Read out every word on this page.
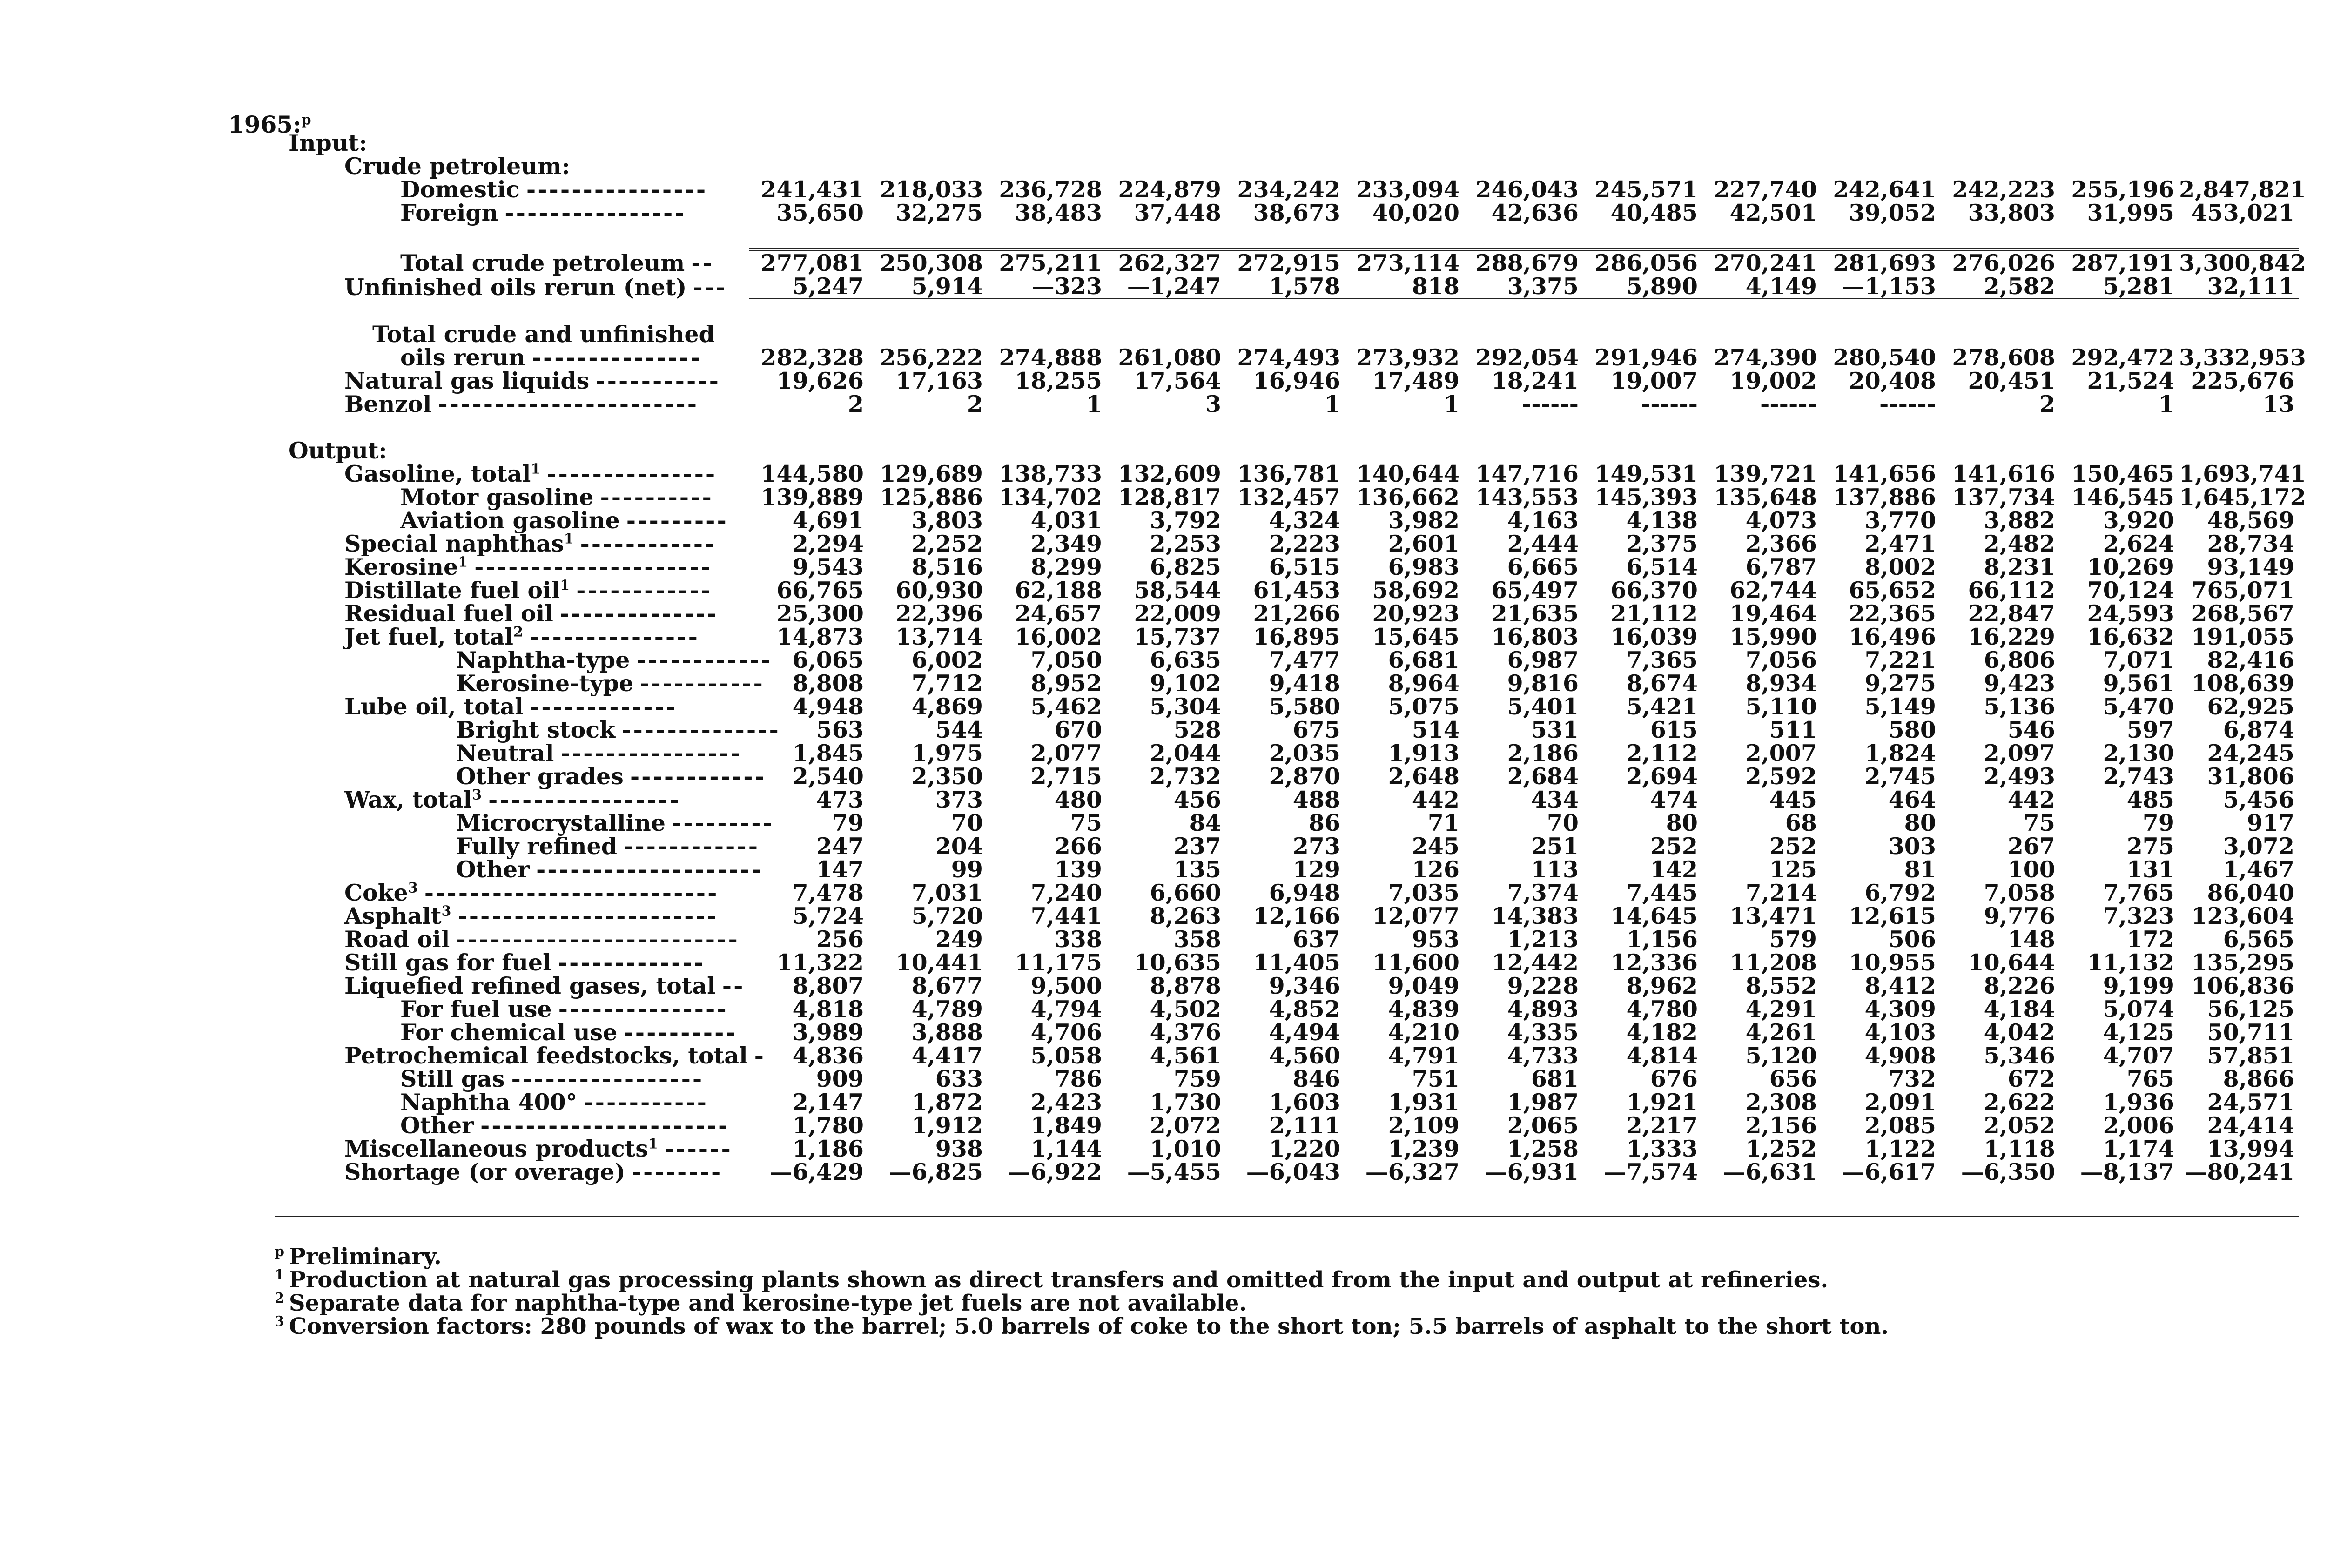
1965:$^p$
Input:													
Crude petroleum:													
Domestic ----------------	241,431	218,033	236,728	224,879	234,242	233,094	246,043	245,571	227,740	242,641	242,223	255,196	2,847,821
Foreign ----------------	35,650	32,275	38,483	37,448	38,673	40,020	42,636	40,485	42,501	39,052	33,803	31,995	453,021

Total crude petroleum --	277,081	250,308	275,211	262,327	272,915	273,114	288,679	286,056	270,241	281,693	276,026	287,191	3,300,842
Unfinished oils rerun (net) ---	5,247	5,914	—323	—1,247	1,578	818	3,375	5,890	4,149	—1,153	2,582	5,281	32,111

Total crude and unfinished													
oils rerun ---------------	282,328	256,222	274,888	261,080	274,493	273,932	292,054	291,946	274,390	280,540	278,608	292,472	3,332,953
Natural gas liquids -----------	19,626	17,163	18,255	17,564	16,946	17,489	18,241	19,007	19,002	20,408	20,451	21,524	225,676
Benzol -----------------------	2	2	1	3	1	1	------	------	------	------	2	1	13

Output:													
Gasoline, total$^1$ ---------------	144,580	129,689	138,733	132,609	136,781	140,644	147,716	149,531	139,721	141,656	141,616	150,465	1,693,741
Motor gasoline ----------	139,889	125,886	134,702	128,817	132,457	136,662	143,553	145,393	135,648	137,886	137,734	146,545	1,645,172
Aviation gasoline ---------	4,691	3,803	4,031	3,792	4,324	3,982	4,163	4,138	4,073	3,770	3,882	3,920	48,569
Special naphthas$^1$ ------------	2,294	2,252	2,349	2,253	2,223	2,601	2,444	2,375	2,366	2,471	2,482	2,624	28,734
Kerosine$^1$ ---------------------	9,543	8,516	8,299	6,825	6,515	6,983	6,665	6,514	6,787	8,002	8,231	10,269	93,149
Distillate fuel oil$^1$ ------------	66,765	60,930	62,188	58,544	61,453	58,692	65,497	66,370	62,744	65,652	66,112	70,124	765,071
Residual fuel oil --------------	25,300	22,396	24,657	22,009	21,266	20,923	21,635	21,112	19,464	22,365	22,847	24,593	268,567
Jet fuel, total$^2$ ---------------	14,873	13,714	16,002	15,737	16,895	15,645	16,803	16,039	15,990	16,496	16,229	16,632	191,055
Naphtha-type ------------	6,065	6,002	7,050	6,635	7,477	6,681	6,987	7,365	7,056	7,221	6,806	7,071	82,416
Kerosine-type -----------	8,808	7,712	8,952	9,102	9,418	8,964	9,816	8,674	8,934	9,275	9,423	9,561	108,639
Lube oil, total -------------	4,948	4,869	5,462	5,304	5,580	5,075	5,401	5,421	5,110	5,149	5,136	5,470	62,925
Bright stock --------------	563	544	670	528	675	514	531	615	511	580	546	597	6,874
Neutral ----------------	1,845	1,975	2,077	2,044	2,035	1,913	2,186	2,112	2,007	1,824	2,097	2,130	24,245
Other grades ------------	2,540	2,350	2,715	2,732	2,870	2,648	2,684	2,694	2,592	2,745	2,493	2,743	31,806
Wax, total$^3$ -----------------	473	373	480	456	488	442	434	474	445	464	442	485	5,456
Microcrystalline ---------	79	70	75	84	86	71	70	80	68	80	75	79	917
Fully refined ------------	247	204	266	237	273	245	251	252	252	303	267	275	3,072
Other --------------------	147	99	139	135	129	126	113	142	125	81	100	131	1,467
Coke$^3$ --------------------------	7,478	7,031	7,240	6,660	6,948	7,035	7,374	7,445	7,214	6,792	7,058	7,765	86,040
Asphalt$^3$ -----------------------	5,724	5,720	7,441	8,263	12,166	12,077	14,383	14,645	13,471	12,615	9,776	7,323	123,604
Road oil -------------------------	256	249	338	358	637	953	1,213	1,156	579	506	148	172	6,565
Still gas for fuel -------------	11,322	10,441	11,175	10,635	11,405	11,600	12,442	12,336	11,208	10,955	10,644	11,132	135,295
Liquefied refined gases, total --	8,807	8,677	9,500	8,878	9,346	9,049	9,228	8,962	8,552	8,412	8,226	9,199	106,836
For fuel use ---------------	4,818	4,789	4,794	4,502	4,852	4,839	4,893	4,780	4,291	4,309	4,184	5,074	56,125
For chemical use ----------	3,989	3,888	4,706	4,376	4,494	4,210	4,335	4,182	4,261	4,103	4,042	4,125	50,711
Petrochemical feedstocks, total -	4,836	4,417	5,058	4,561	4,560	4,791	4,733	4,814	5,120	4,908	5,346	4,707	57,851
Still gas -----------------	909	633	786	759	846	751	681	676	656	732	672	765	8,866
Naphtha 400° -----------	2,147	1,872	2,423	1,730	1,603	1,931	1,987	1,921	2,308	2,091	2,622	1,936	24,571
Other ----------------------	1,780	1,912	1,849	2,072	2,111	2,109	2,065	2,217	2,156	2,085	2,052	2,006	24,414
Miscellaneous products$^1$ ------	1,186	938	1,144	1,010	1,220	1,239	1,258	1,333	1,252	1,122	1,118	1,174	13,994
Shortage (or overage) --------	—6,429	—6,825	—6,922	—5,455	—6,043	—6,327	—6,931	—7,574	—6,631	—6,617	—6,350	—8,137	—80,241
$^p$ Preliminary.
$^1$ Production at natural gas processing plants shown as direct transfers and omitted from the input and output at refineries.
$^2$ Separate data for naphtha-type and kerosine-type jet fuels are not available.
$^3$ Conversion factors: 280 pounds of wax to the barrel; 5.0 barrels of coke to the short ton; 5.5 barrels of asphalt to the short ton.
